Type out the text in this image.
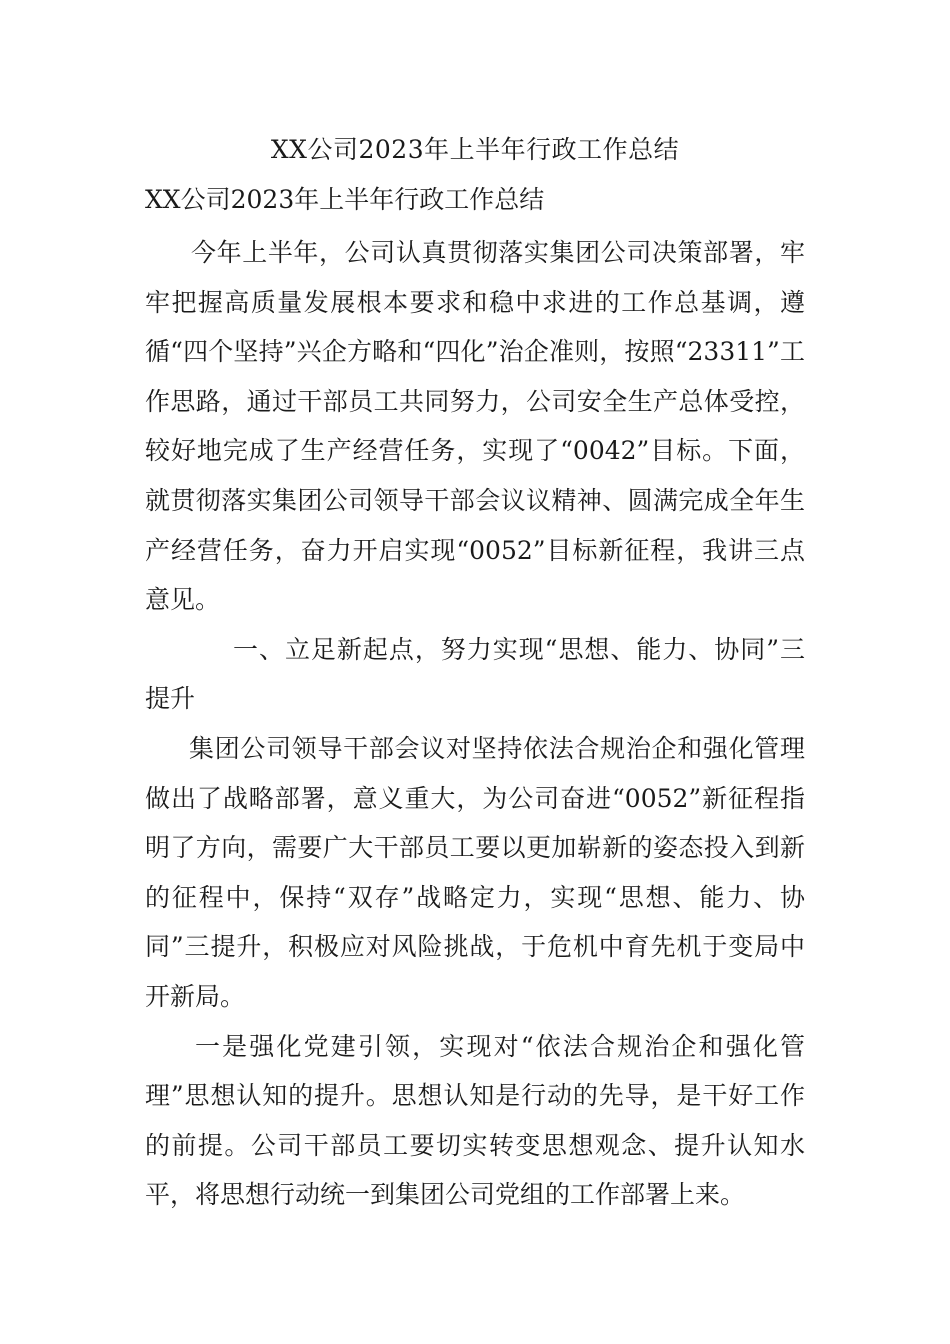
XX公司2023年上半年行政工作总结

XX公司2023年上半年行政工作总结

今年上半年，公司认真贯彻落实集团公司决策部署，牢牢把握高质量发展根本要求和稳中求进的工作总基调，遵循“四个坚持”兴企方略和“四化”治企准则，按照“23311”工作思路，通过干部员工共同努力，公司安全生产总体受控，较好地完成了生产经营任务，实现了“0042”目标。下面，就贯彻落实集团公司领导干部会议议精神、圆满完成全年生产经营任务，奋力开启实现“0052”目标新征程，我讲三点意见。

一、立足新起点，努力实现“思想、能力、协同”三提升

集团公司领导干部会议对坚持依法合规治企和强化管理做出了战略部署，意义重大，为公司奋进“0052”新征程指明了方向，需要广大干部员工要以更加崭新的姿态投入到新的征程中，保持“双存”战略定力，实现“思想、能力、协同”三提升，积极应对风险挑战，于危机中育先机于变局中开新局。

一是强化党建引领，实现对“依法合规治企和强化管理”思想认知的提升。思想认知是行动的先导，是干好工作的前提。公司干部员工要切实转变思想观念、提升认知水平，将思想行动统一到集团公司党组的工作部署上来。
